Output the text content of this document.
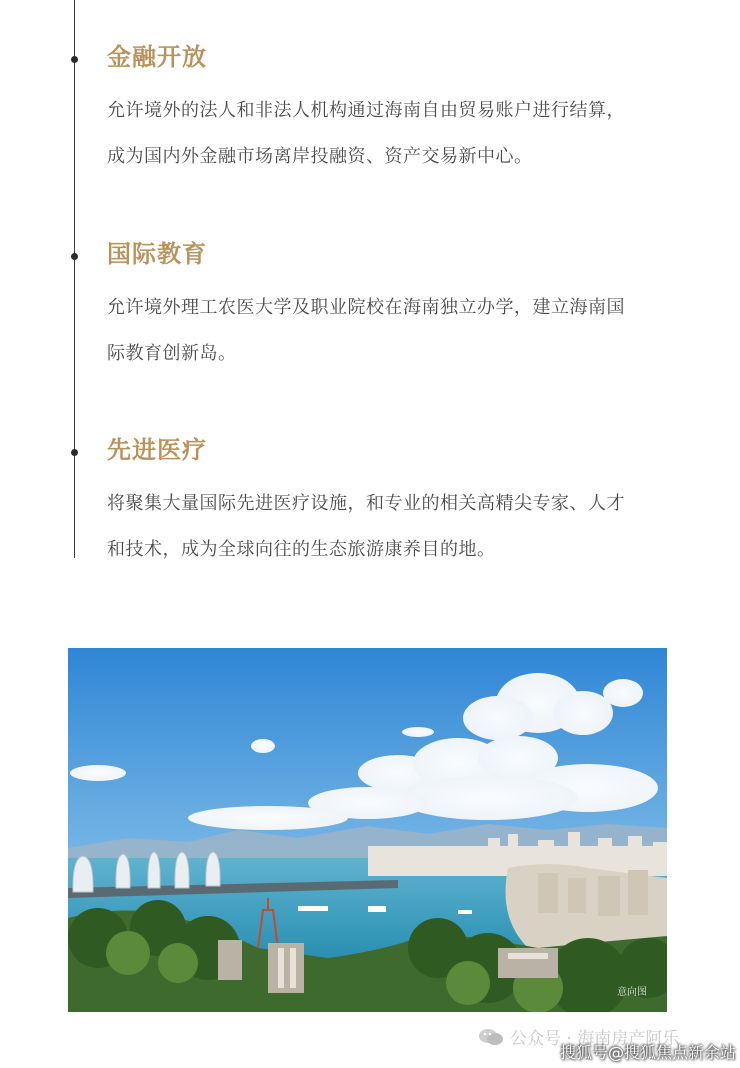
金融开放

允许境外的法人和非法人机构通过海南自由贸易账户进行结算，
成为国内外金融市场离岸投融资、资产交易新中心。

国际教育

允许境外理工农医大学及职业院校在海南独立办学，建立海南国
际教育创新岛。

先进医疗

将聚集大量国际先进医疗设施，和专业的相关高精尖专家、人才
和技术，成为全球向往的生态旅游康养目的地。

意向图
公众号 · 海南房产阿乐
搜狐号@搜狐焦点新余站
